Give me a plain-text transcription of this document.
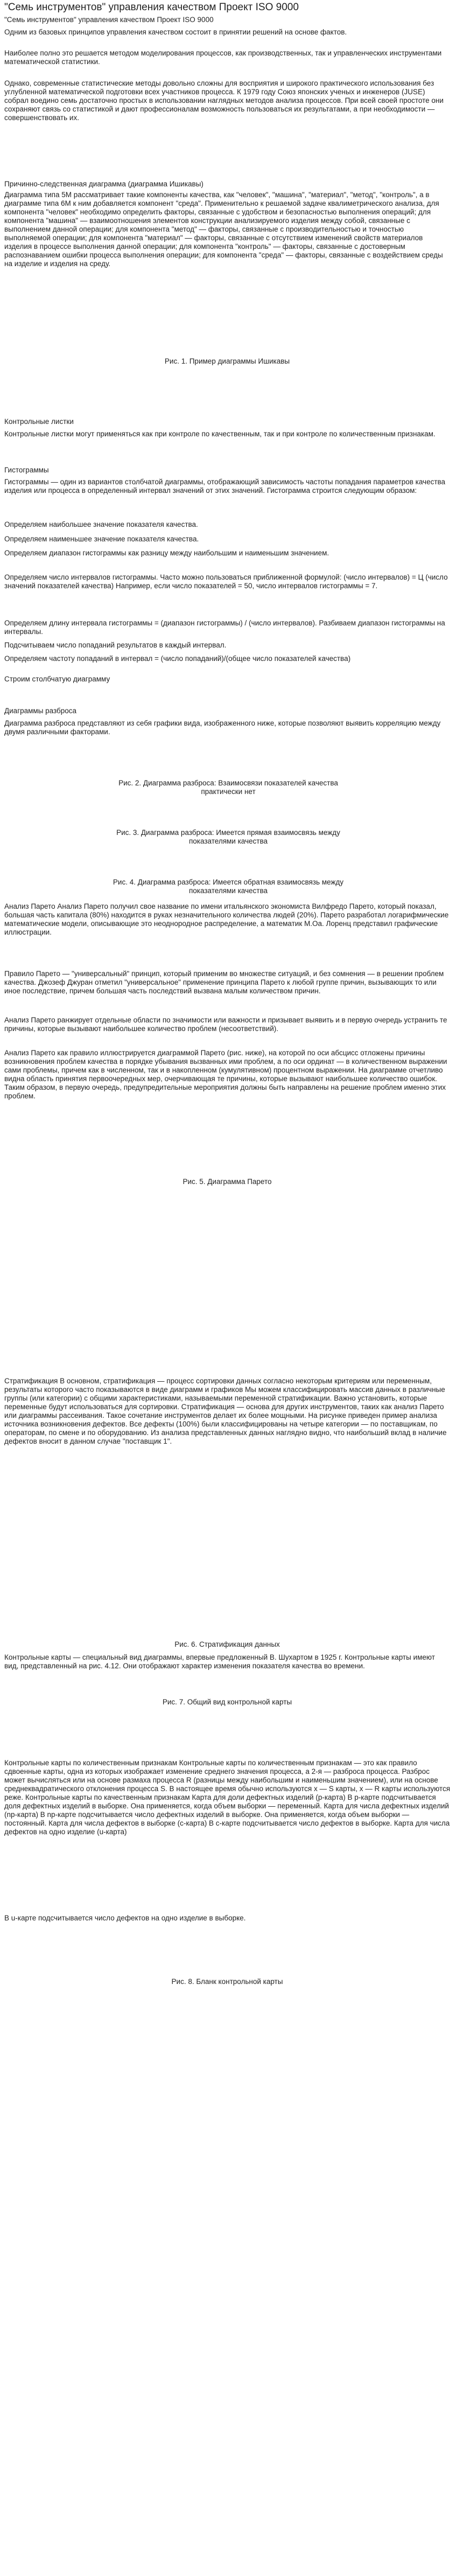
"Семь инструментов" управления качеством Проект ISO 9000

"Семь инструментов" управления качеством Проект ISO 9000

Одним из базовых принципов управления качеством состоит в принятии решений на основе фактов.

Наиболее полно это решается методом моделирования процессов, как производственных, так и управленческих инструментами математической статистики.

Однако, современные статистические методы довольно сложны для восприятия и широкого практического использования без углубленной математической подготовки всех участников процесса. К 1979 году Союз японских ученых и инженеров (JUSE) собрал воедино семь достаточно простых в использовании наглядных методов анализа процессов. При всей своей простоте они сохраняют связь со статистикой и дают профессионалам возможность пользоваться их результатами, а при необходимости — совершенствовать их.

Причинно-следственная диаграмма (диаграмма Ишикавы)

Диаграмма типа 5М рассматривает такие компоненты качества, как "человек", "машина", "материал", "метод", "контроль", а в диаграмме типа 6М к ним добавляется компонент "среда". Применительно к решаемой задаче квалиметрического анализа, для компонента "человек" необходимо определить факторы, связанные с удобством и безопасностью выполнения операций; для компонента "машина" — взаимоотношения элементов конструкции анализируемого изделия между собой, связанные с выполнением данной операции; для компонента "метод" — факторы, связанные с производительностью и точностью выполняемой операции; для компонента "материал" — факторы, связанные с отсутствием изменений свойств материалов изделия в процессе выполнения данной операции; для компонента "контроль" — факторы, связанные с достоверным распознаванием ошибки процесса выполнения операции; для компонента "среда" — факторы, связанные с воздействием среды на изделие и изделия на среду.

Рис. 1. Пример диаграммы Ишикавы

Контрольные листки

Контрольные листки могут применяться как при контроле по качественным, так и при контроле по количественным признакам.

Гистограммы

Гистограммы — один из вариантов столбчатой диаграммы, отображающий зависимость частоты попадания параметров качества изделия или процесса в определенный интервал значений от этих значений. Гистограмма строится следующим образом:

Определяем наибольшее значение показателя качества.

Определяем наименьшее значение показателя качества.

Определяем диапазон гистограммы как разницу между наибольшим и наименьшим значением.

Определяем число интервалов гистограммы. Часто можно пользоваться приближенной формулой: (число интервалов) = Ц (число значений показателей качества) Например, если число показателей = 50, число интервалов гистограммы = 7.

Определяем длину интервала гистограммы = (диапазон гистограммы) / (число интервалов). Разбиваем диапазон гистограммы на интервалы.

Подсчитываем число попаданий результатов в каждый интервал.

Определяем частоту попаданий в интервал = (число попаданий)/(общее число показателей качества)

Строим столбчатую диаграмму

Диаграммы разброса

Диаграмма разброса представляют из себя графики вида, изображенного ниже, которые позволяют выявить корреляцию между двумя различными факторами.

Рис. 2. Диаграмма разброса: Взаимосвязи показателей качества практически нет

Рис. 3. Диаграмма разброса: Имеется прямая взаимосвязь между показателями качества

Рис. 4. Диаграмма разброса: Имеется обратная взаимосвязь между показателями качества

Анализ Парето Анализ Парето получил свое название по имени итальянского экономиста Вилфредо Парето, который показал, большая часть капитала (80%) находится в руках незначительного количества людей (20%). Парето разработал логарифмические математические модели, описывающие это неоднородное распределение, а математик М.Оа. Лоренц представил графические иллюстрации.

Правило Парето — "универсальный" принцип, который применим во множестве ситуаций, и без сомнения — в решении проблем качества. Джозеф Джуран отметил "универсальное" применение принципа Парето к любой группе причин, вызывающих то или иное последствие, причем большая часть последствий вызвана малым количеством причин.

Анализ Парето ранжирует отдельные области по значимости или важности и призывает выявить и в первую очередь устранить те причины, которые вызывают наибольшее количество проблем (несоответствий).

Анализ Парето как правило иллюстрируется диаграммой Парето (рис. ниже), на которой по оси абсцисс отложены причины возникновения проблем качества в порядке убывания вызванных ими проблем, а по оси ординат — в количественном выражении сами проблемы, причем как в численном, так и в накопленном (кумулятивном) процентном выражении. На диаграмме отчетливо видна область принятия первоочередных мер, очерчивающая те причины, которые вызывают наибольшее количество ошибок. Таким образом, в первую очередь, предупредительные мероприятия должны быть направлены на решение проблем именно этих проблем.

Рис. 5. Диаграмма Парето

Стратификация В основном, стратификация — процесс сортировки данных согласно некоторым критериям или переменным, результаты которого часто показываются в виде диаграмм и графиков Мы можем классифицировать массив данных в различные группы (или категории) с общими характеристиками, называемыми переменной стратификации. Важно установить, которые переменные будут использоваться для сортировки. Стратификация — основа для других инструментов, таких как анализ Парето или диаграммы рассеивания. Такое сочетание инструментов делает их более мощными. На рисунке приведен пример анализа источника возникновения дефектов. Все дефекты (100%) были классифицированы на четыре категории — по поставщикам, по операторам, по смене и по оборудованию. Из анализа представленных данных наглядно видно, что наибольший вклад в наличие дефектов вносит в данном случае "поставщик 1".

Рис. 6. Стратификация данных

Контрольные карты — специальный вид диаграммы, впервые предложенный В. Шухартом в 1925 г. Контрольные карты имеют вид, представленный на рис. 4.12. Они отображают характер изменения показателя качества во времени.

Рис. 7. Общий вид контрольной карты

Контрольные карты по количественным признакам Контрольные карты по количественным признакам — это как правило сдвоенные карты, одна из которых изображает изменение среднего значения процесса, а 2-я — разброса процесса. Разброс может вычисляться или на основе размаха процесса R (разницы между наибольшим и наименьшим значением), или на основе среднеквадратического отклонения процесса S. В настоящее время обычно используются x — S карты, x — R карты используются реже. Контрольные карты по качественным признакам Карта для доли дефектных изделий (p-карта) В p-карте подсчитывается доля дефектных изделий в выборке. Она применяется, когда объем выборки — переменный. Карта для числа дефектных изделий (np-карта) В np-карте подсчитывается число дефектных изделий в выборке. Она применяется, когда объем выборки — постоянный. Карта для числа дефектов в выборке (c-карта) В c-карте подсчитывается число дефектов в выборке. Карта для числа дефектов на одно изделие (u-карта)

В u-карте подсчитывается число дефектов на одно изделие в выборке.

Рис. 8. Бланк контрольной карты
